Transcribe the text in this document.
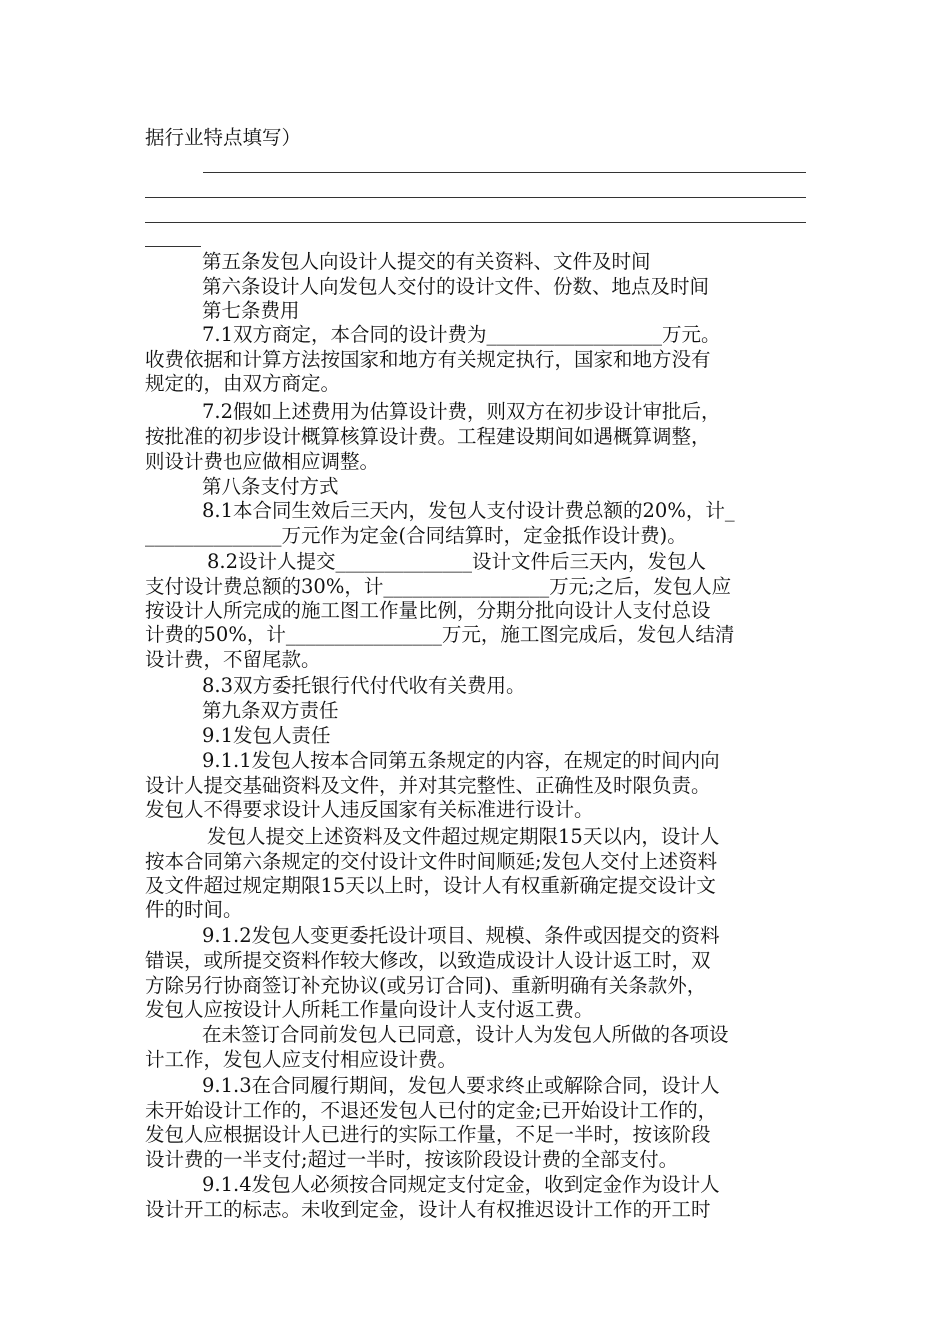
据行业特点填写）
第五条发包人向设计人提交的有关资料、文件及时间
第六条设计人向发包人交付的设计文件、份数、地点及时间
第七条费用
7.1双方商定，本合同的设计费为__________________万元。
收费依据和计算方法按国家和地方有关规定执行，国家和地方没有
规定的，由双方商定。
7.2假如上述费用为估算设计费，则双方在初步设计审批后，
按批准的初步设计概算核算设计费。工程建设期间如遇概算调整，
则设计费也应做相应调整。
第八条支付方式
8.1本合同生效后三天内，发包人支付设计费总额的20%，计_
______________万元作为定金(合同结算时，定金抵作设计费)。
8.2设计人提交______________设计文件后三天内，发包人
支付设计费总额的30%，计_________________万元;之后，发包人应
按设计人所完成的施工图工作量比例，分期分批向设计人支付总设
计费的50%，计________________万元，施工图完成后，发包人结清
设计费，不留尾款。
8.3双方委托银行代付代收有关费用。
第九条双方责任
9.1发包人责任
9.1.1发包人按本合同第五条规定的内容，在规定的时间内向
设计人提交基础资料及文件，并对其完整性、正确性及时限负责。
发包人不得要求设计人违反国家有关标准进行设计。
发包人提交上述资料及文件超过规定期限15天以内，设计人
按本合同第六条规定的交付设计文件时间顺延;发包人交付上述资料
及文件超过规定期限15天以上时，设计人有权重新确定提交设计文
件的时间。
9.1.2发包人变更委托设计项目、规模、条件或因提交的资料
错误，或所提交资料作较大修改，以致造成设计人设计返工时，双
方除另行协商签订补充协议(或另订合同)、重新明确有关条款外，
发包人应按设计人所耗工作量向设计人支付返工费。
在未签订合同前发包人已同意，设计人为发包人所做的各项设
计工作，发包人应支付相应设计费。
9.1.3在合同履行期间，发包人要求终止或解除合同，设计人
未开始设计工作的，不退还发包人已付的定金;已开始设计工作的，
发包人应根据设计人已进行的实际工作量，不足一半时，按该阶段
设计费的一半支付;超过一半时，按该阶段设计费的全部支付。
9.1.4发包人必须按合同规定支付定金，收到定金作为设计人
设计开工的标志。未收到定金，设计人有权推迟设计工作的开工时
